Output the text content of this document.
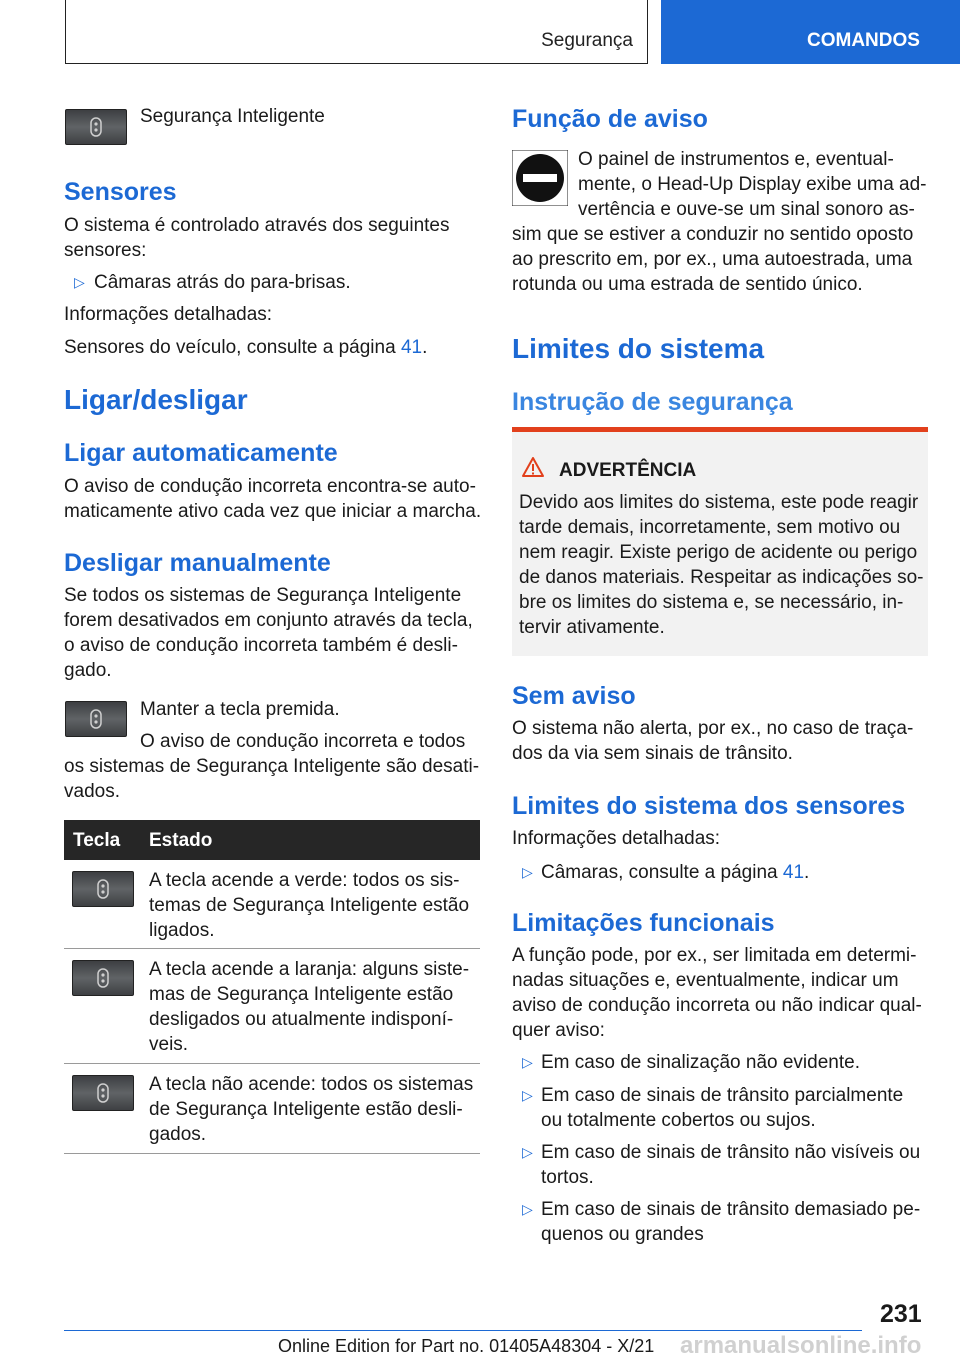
Segurança	COMANDOS

Segurança Inteligente

Sensores

O sistema é controlado através dos seguintes

sensores:

▷ Câmaras atrás do para-brisas.

Informações detalhadas:

Sensores do veículo, consulte a página 41.

Ligar/desligar
Ligar automaticamente

O aviso de condução incorreta encontra-se auto-

maticamente ativo cada vez que iniciar a marcha.

Desligar manualmente

Se todos os sistemas de Segurança Inteligente

forem desativados em conjunto através da tecla,

o aviso de condução incorreta também é desli-

gado.

Manter a tecla premida.

O aviso de condução incorreta e todos

os sistemas de Segurança Inteligente são desati-

vados.

Tecla Estado

A tecla acende a verde: todos os sis-

temas de Segurança Inteligente estão

ligados.

A tecla acende a laranja: alguns siste-

mas de Segurança Inteligente estão

desligados ou atualmente indisponí-

veis.

A tecla não acende: todos os sistemas

de Segurança Inteligente estão desli-

gados.

Função de aviso

O painel de instrumentos e, eventual-

mente, o Head-Up Display exibe uma ad-

vertência e ouve-se um sinal sonoro as-

sim que se estiver a conduzir no sentido oposto

ao prescrito em, por ex., uma autoestrada, uma

rotunda ou uma estrada de sentido único.

Limites do sistema
Instrução de segurança

ADVERTÊNCIA

Devido aos limites do sistema, este pode reagir

tarde demais, incorretamente, sem motivo ou

nem reagir. Existe perigo de acidente ou perigo

de danos materiais. Respeitar as indicações so-

bre os limites do sistema e, se necessário, in-

tervir ativamente.

Sem aviso

O sistema não alerta, por ex., no caso de traça-

dos da via sem sinais de trânsito.

Limites do sistema dos sensores

Informações detalhadas:

▷ Câmaras, consulte a página 41.

Limitações funcionais

A função pode, por ex., ser limitada em determi-

nadas situações e, eventualmente, indicar um

aviso de condução incorreta ou não indicar qual-

quer aviso:

▷ Em caso de sinalização não evidente.

▷ Em caso de sinais de trânsito parcialmente

ou totalmente cobertos ou sujos.

▷ Em caso de sinais de trânsito não visíveis ou

tortos.

▷ Em caso de sinais de trânsito demasiado pe-

quenos ou grandes

231

Online Edition for Part no. 01405A48304 - X/21 armanualsonline.info
